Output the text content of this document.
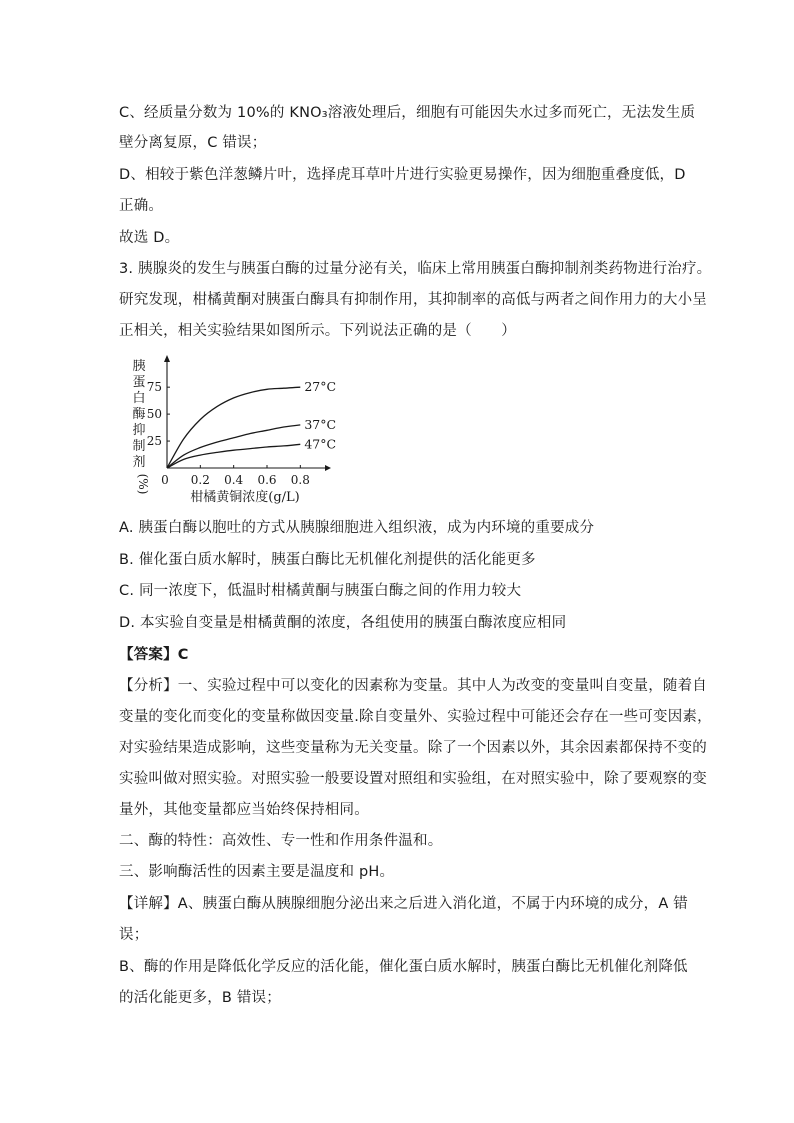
C、经质量分数为 10%的 KNO₃溶液处理后，细胞有可能因失水过多而死亡，无法发生质
壁分离复原，C 错误；
D、相较于紫色洋葱鳞片叶，选择虎耳草叶片进行实验更易操作，因为细胞重叠度低，D
正确。
故选 D。
3. 胰腺炎的发生与胰蛋白酶的过量分泌有关，临床上常用胰蛋白酶抑制剂类药物进行治疗。
研究发现，柑橘黄酮对胰蛋白酶具有抑制作用，其抑制率的高低与两者之间作用力的大小呈
正相关，相关实验结果如图所示。下列说法正确的是（　　）
A. 胰蛋白酶以胞吐的方式从胰腺细胞进入组织液，成为内环境的重要成分
B. 催化蛋白质水解时，胰蛋白酶比无机催化剂提供的活化能更多
C. 同一浓度下，低温时柑橘黄酮与胰蛋白酶之间的作用力较大
D. 本实验自变量是柑橘黄酮的浓度，各组使用的胰蛋白酶浓度应相同
【答案】C
【分析】一、实验过程中可以变化的因素称为变量。其中人为改变的变量叫自变量，随着自
变量的变化而变化的变量称做因变量.除自变量外、实验过程中可能还会存在一些可变因素，
对实验结果造成影响，这些变量称为无关变量。除了一个因素以外，其余因素都保持不变的
实验叫做对照实验。对照实验一般要设置对照组和实验组，在对照实验中，除了要观察的变
量外，其他变量都应当始终保持相同。
二、酶的特性：高效性、专一性和作用条件温和。
三、影响酶活性的因素主要是温度和 pH。
【详解】A、胰蛋白酶从胰腺细胞分泌出来之后进入消化道，不属于内环境的成分，A 错
误；
B、酶的作用是降低化学反应的活化能，催化蛋白质水解时，胰蛋白酶比无机催化剂降低
的活化能更多，B 错误；
0 0.2 0.4 0.6 0.8
25
50
75
胰
蛋
白
酶
抑
制
剂
(%)
柑橘黄铜浓度(g/L)
27°C
37°C
47°C
